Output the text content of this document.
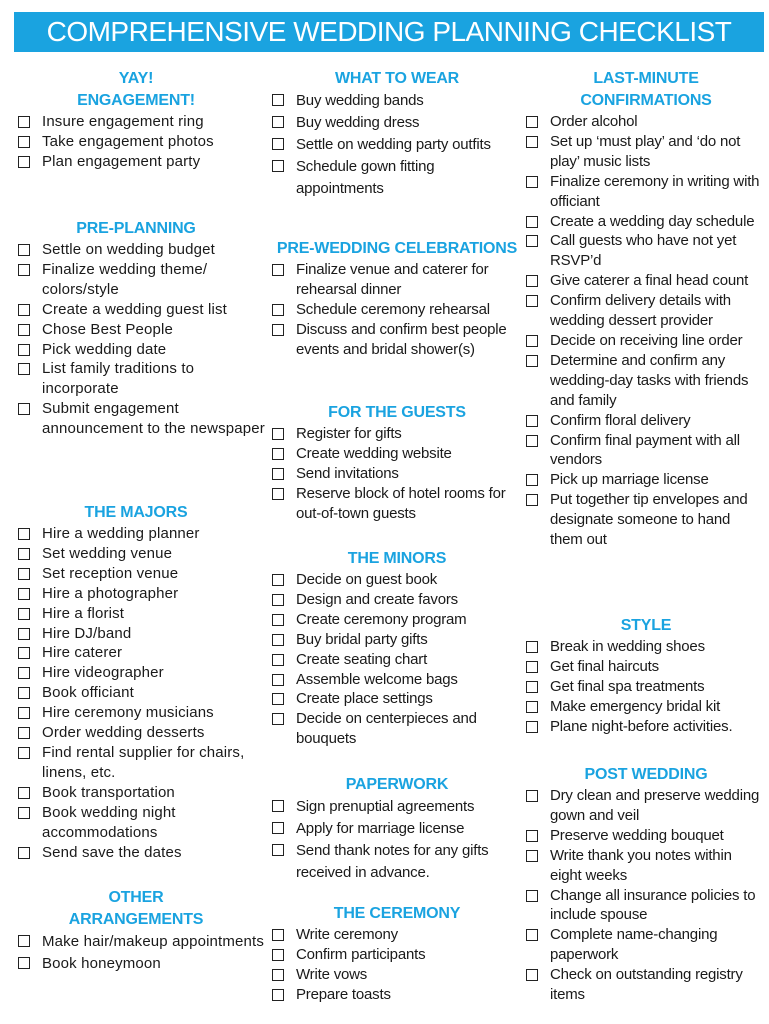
COMPREHENSIVE WEDDING PLANNING CHECKLIST
YAY!
ENGAGEMENT!
Insure engagement ring
Take engagement photos
Plan engagement party
PRE-PLANNING
Settle on wedding budget
Finalize wedding theme/ colors/style
Create a wedding guest list
Chose Best People
Pick wedding date
List family traditions to incorporate
Submit engagement announcement to the newspaper
THE MAJORS
Hire a wedding planner
Set wedding venue
Set reception venue
Hire a photographer
Hire a florist
Hire DJ/band
Hire caterer
Hire videographer
Book officiant
Hire ceremony musicians
Order wedding desserts
Find rental supplier for chairs, linens, etc.
Book transportation
Book wedding night accommodations
Send save the dates
OTHER
ARRANGEMENTS
Make hair/makeup appointments
Book honeymoon
WHAT TO WEAR
Buy wedding bands
Buy wedding dress
Settle on wedding party outfits
Schedule gown fitting appointments
PRE-WEDDING CELEBRATIONS
Finalize venue and caterer for rehearsal dinner
Schedule ceremony rehearsal
Discuss and confirm best people events and bridal shower(s)
FOR THE GUESTS
Register for gifts
Create wedding website
Send invitations
Reserve block of hotel rooms for out-of-town guests
THE MINORS
Decide on guest book
Design and create favors
Create ceremony program
Buy bridal party gifts
Create seating chart
Assemble welcome bags
Create place settings
Decide on centerpieces and bouquets
PAPERWORK
Sign prenuptial agreements
Apply for marriage license
Send thank notes for any gifts received in advance.
THE CEREMONY
Write ceremony
Confirm participants
Write vows
Prepare toasts
LAST-MINUTE
CONFIRMATIONS
Order alcohol
Set up ‘must play’ and ‘do not play’ music lists
Finalize ceremony in writing with officiant
Create a wedding day schedule
Call guests who have not yet RSVP’d
Give caterer a final head count
Confirm delivery details with wedding dessert provider
Decide on receiving line order
Determine and confirm any wedding-day tasks with friends and family
Confirm floral delivery
Confirm final payment with all vendors
Pick up marriage license
Put together tip envelopes and designate someone to hand them out
STYLE
Break in wedding shoes
Get final haircuts
Get final spa treatments
Make emergency bridal kit
Plane night-before activities.
POST WEDDING
Dry clean and preserve wedding gown and veil
Preserve wedding bouquet
Write thank you notes within eight weeks
Change all insurance policies to include spouse
Complete name-changing paperwork
Check on outstanding registry items
